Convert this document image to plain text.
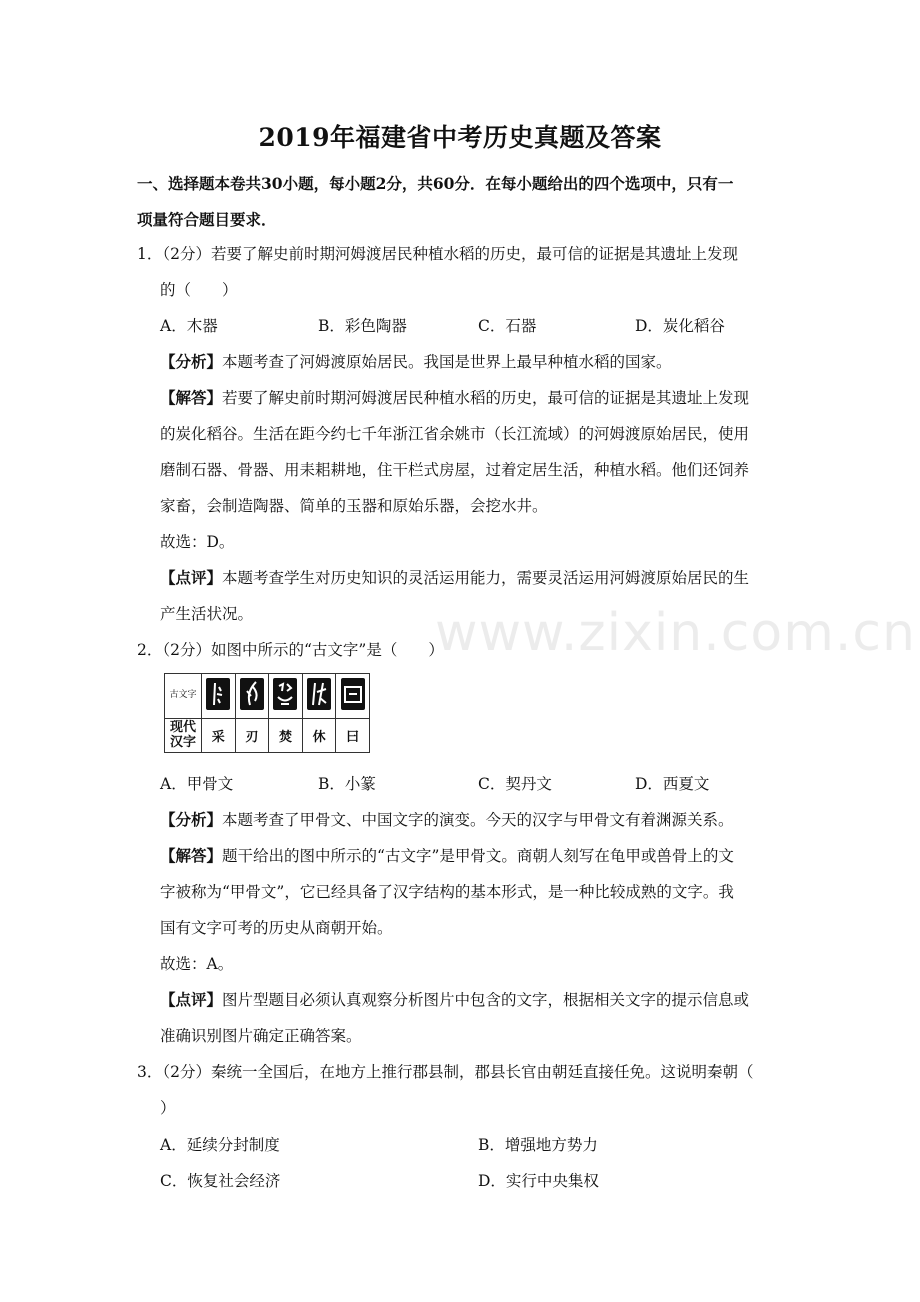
www.zixin.com.cn
2019年福建省中考历史真题及答案
一、选择题本卷共30小题，每小题2分，共60分．在每小题给出的四个选项中，只有一
项量符合题目要求．
1．（2分）若要了解史前时期河姆渡居民种植水稻的历史，最可信的证据是其遗址上发现
的（　　）
A．木器	B．彩色陶器	C．石器	D．炭化稻谷
【分析】本题考查了河姆渡原始居民。我国是世界上最早种植水稻的国家。
【解答】若要了解史前时期河姆渡居民种植水稻的历史，最可信的证据是其遗址上发现
的炭化稻谷。生活在距今约七千年浙江省余姚市（长江流域）的河姆渡原始居民，使用
磨制石器、骨器、用耒耜耕地，住干栏式房屋，过着定居生活，种植水稻。他们还饲养
家畜，会制造陶器、简单的玉器和原始乐器，会挖水井。
故选：D。
【点评】本题考查学生对历史知识的灵活运用能力，需要灵活运用河姆渡原始居民的生
产生活状况。
2．（2分）如图中所示的“古文字”是（　　）
古文字	

现代汉字	采	刃	焚	休	曰
A．甲骨文	B．小篆	C．契丹文	D．西夏文
【分析】本题考查了甲骨文、中国文字的演变。今天的汉字与甲骨文有着渊源关系。
【解答】题干给出的图中所示的“古文字”是甲骨文。商朝人刻写在龟甲或兽骨上的文
字被称为“甲骨文”，它已经具备了汉字结构的基本形式，是一种比较成熟的文字。我
国有文字可考的历史从商朝开始。
故选：A。
【点评】图片型题目必须认真观察分析图片中包含的文字，根据相关文字的提示信息或
准确识别图片确定正确答案。
3．（2分）秦统一全国后，在地方上推行郡县制，郡县长官由朝廷直接任免。这说明秦朝（
）
A．延续分封制度	B．增强地方势力
C．恢复社会经济	D．实行中央集权
